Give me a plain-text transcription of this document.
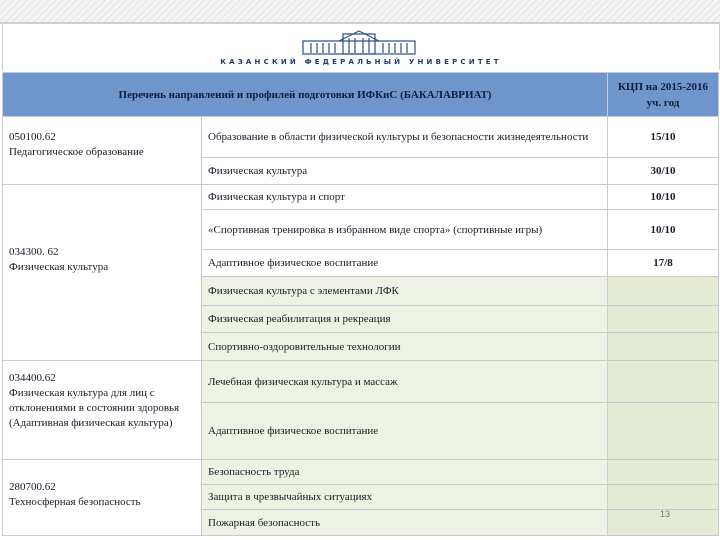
КАЗАНСКИЙ ФЕДЕРАЛЬНЫЙ УНИВЕРСИТЕТ
Перечень направлений и профилей подготовки ИФКиС (БАКАЛАВРИАТ)		КЦП на 2015-2016 уч. год

050100.62
Педагогическое образование	Образование в области физической культуры и безопасности жизнедеятельности	15/10
	Физическая культура	30/10

034300. 62
Физическая культура	Физическая культура и спорт	10/10
	«Спортивная тренировка в избранном виде спорта» (спортивные игры)	10/10
	Адаптивное физическое воспитание	17/8
	Физическая культура с элементами ЛФК	
	Физическая реабилитация и рекреация	
	Спортивно-оздоровительные технологии	

034400.62
Физическая культура для лиц с отклонениями в состоянии здоровья (Адаптивная физическая культура)	Лечебная физическая культура и массаж	
	Адаптивное физическое воспитание	

280700.62
Техносферная безопасность	Безопасность труда	
	Защита в чрезвычайных ситуациях	
	Пожарная безопасность	
13
